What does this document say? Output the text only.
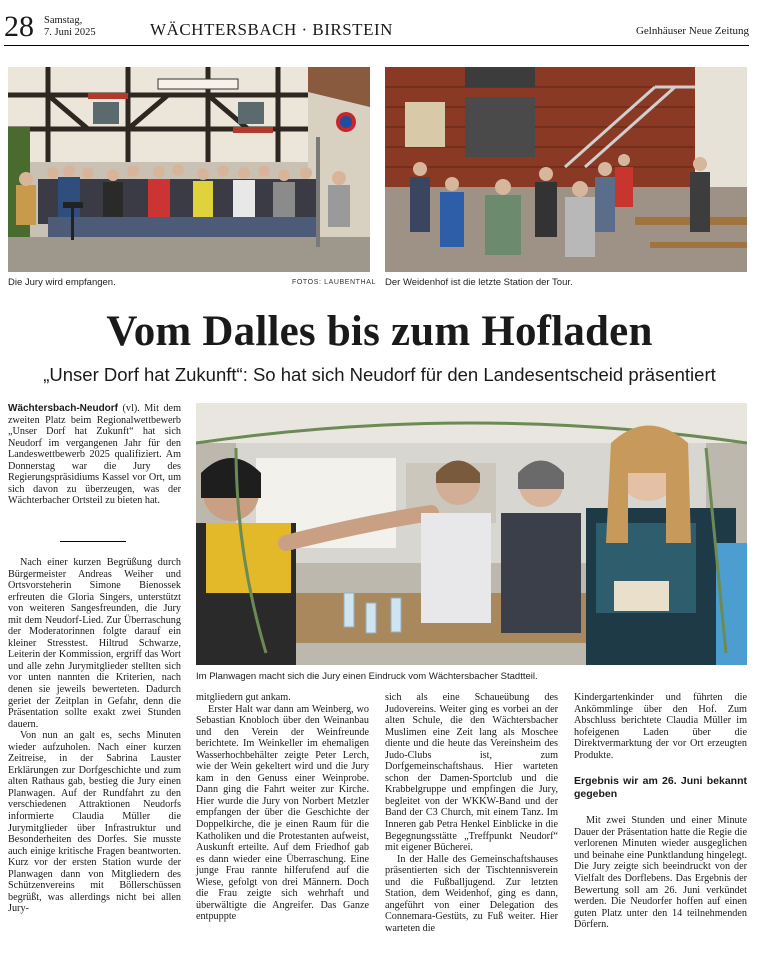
28 Samstag,
7. Juni 2025	WÄCHTERSBACH · BIRSTEIN	Gelnhäuser Neue Zeitung
Die Jury wird empfangen.	FOTOS: LAUBENTHAL Der Weidenhof ist die letzte Station der Tour.
Vom Dalles bis zum Hofladen
„Unser Dorf hat Zukunft“: So hat sich Neudorf für den Landesentscheid präsentiert

Wächtersbach-Neudorf (vl). Mit dem zweiten Platz beim Regionalwettbewerb „Unser Dorf hat Zukunft“ hat sich Neudorf im vergangenen Jahr für den Landeswettbewerb 2025 qualifiziert. Am Donnerstag war die Jury des Regierungspräsidiums Kassel vor Ort, um sich davon zu überzeugen, was der Wächterbacher Ortsteil zu bieten hat.

Nach einer kurzen Begrüßung durch Bürgermeister Andreas Weiher und Ortsvorsteherin Simone Bienossek erfreuten die Gloria Singers, unterstützt von weiteren Sangesfreunden, die Jury mit dem Neudorf-Lied. Zur Überraschung der Moderatorinnen folgte darauf ein kleiner Stresstest. Hiltrud Schwarze, Leiterin der Kommission, ergriff das Wort und alle zehn Jurymitglieder stellten sich vor unten nannten die Kriterien, nach denen sie jeweils bewerteten. Dadurch geriet der Zeitplan in Gefahr, denn die Präsentation sollte exakt zwei Stunden dauern.

Von nun an galt es, sechs Minuten wieder aufzuholen. Nach einer kurzen Zeitreise, in der Sabrina Lauster Erklärungen zur Dorfgeschichte und zum alten Rathaus gab, bestieg die Jury einen Planwagen. Auf der Rundfahrt zu den verschiedenen Attraktionen Neudorfs informierte Claudia Müller die Jurymitglieder über Infrastruktur und Besonderheiten des Dorfes. Sie musste auch einige kritische Fragen beantworten. Kurz vor der ersten Station wurde der Planwagen dann von Mitgliedern des Schützenvereins mit Böllerschüssen begrüßt, was allerdings nicht bei allen Jury-

Im Planwagen macht sich die Jury einen Eindruck vom Wächtersbacher Stadtteil.

mitgliedern gut ankam.

Erster Halt war dann am Weinberg, wo Sebastian Knobloch über den Weinanbau und den Verein der Weinfreunde berichtete. Im Weinkeller im ehemaligen Wasserhochbehälter zeigte Peter Lerch, wie der Wein gekeltert wird und die Jury kam in den Genuss einer Weinprobe. Dann ging die Fahrt weiter zur Kirche. Hier wurde die Jury von Norbert Metzler empfangen der über die Geschichte der Doppelkirche, die je einen Raum für die Katholiken und die Protestanten aufweist, Auskunft erteilte. Auf dem Friedhof gab es dann wieder eine Überraschung. Eine junge Frau rannte hilferufend auf die Wiese, gefolgt von drei Männern. Doch die Frau zeigte sich wehrhaft und überwältigte die Angreifer. Das Ganze entpuppte

sich als eine Schaueübung des Judovereins. Weiter ging es vorbei an der alten Schule, die den Wächtersbacher Muslimen eine Zeit lang als Moschee diente und die heute das Vereinsheim des Judo-Clubs ist, zum Dorfgemeinschaftshaus. Hier warteten schon der Damen-Sportclub und die Krabbelgruppe und empfingen die Jury, begleitet von der WKKW-Band und der Band der C3 Church, mit einem Tanz. Im Inneren gab Petra Henkel Einblicke in die Begegnungsstätte „Treffpunkt Neudorf“ mit eigener Bücherei.

In der Halle des Gemeinschaftshauses präsentierten sich der Tischtennisverein und die Fußballjugend. Zur letzten Station, dem Weidenhof, ging es dann, angeführt von einer Delegation des Connemara-Gestüts, zu Fuß weiter. Hier warteten die

Kindergartenkinder und führten die Ankömmlinge über den Hof. Zum Abschluss berichtete Claudia Müller im hofeigenen Laden über die Direktvermarktung der vor Ort erzeugten Produkte.

Ergebnis wir am 26. Juni bekannt gegeben

Mit zwei Stunden und einer Minute Dauer der Präsentation hatte die Regie die verlorenen Minuten wieder ausgeglichen und beinahe eine Punktlandung hingelegt. Die Jury zeigte sich beeindruckt von der Vielfalt des Dorflebens. Das Ergebnis der Bewertung soll am 26. Juni verkündet werden. Die Neudorfer hoffen auf einen guten Platz unter den 14 teilnehmenden Dörfern.
